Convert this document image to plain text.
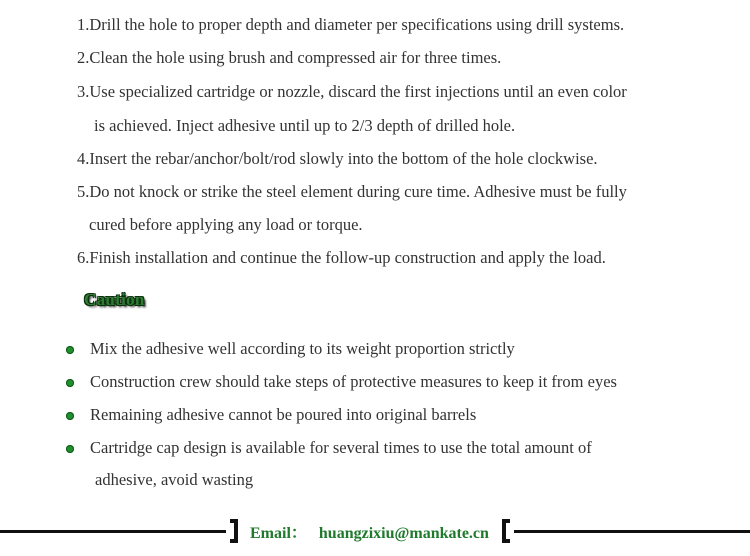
1.Drill the hole to proper depth and diameter per specifications using drill systems.
2.Clean the hole using brush and compressed air for three times.
3.Use specialized cartridge or nozzle, discard the first injections until an even color
is achieved. Inject adhesive until up to 2/3 depth of drilled hole.
4.Insert the rebar/anchor/bolt/rod slowly into the bottom of the hole clockwise.
5.Do not knock or strike the steel element during cure time. Adhesive must be fully
cured before applying any load or torque.
6.Finish installation and continue the follow-up construction and apply the load.
Caution
Mix the adhesive well according to its weight proportion strictly
Construction crew should take steps of protective measures to keep it from eyes
Remaining adhesive cannot be poured into original barrels
Cartridge cap design is available for several times to use the total amount of
adhesive, avoid wasting
Email： huangzixiu@mankate.cn
